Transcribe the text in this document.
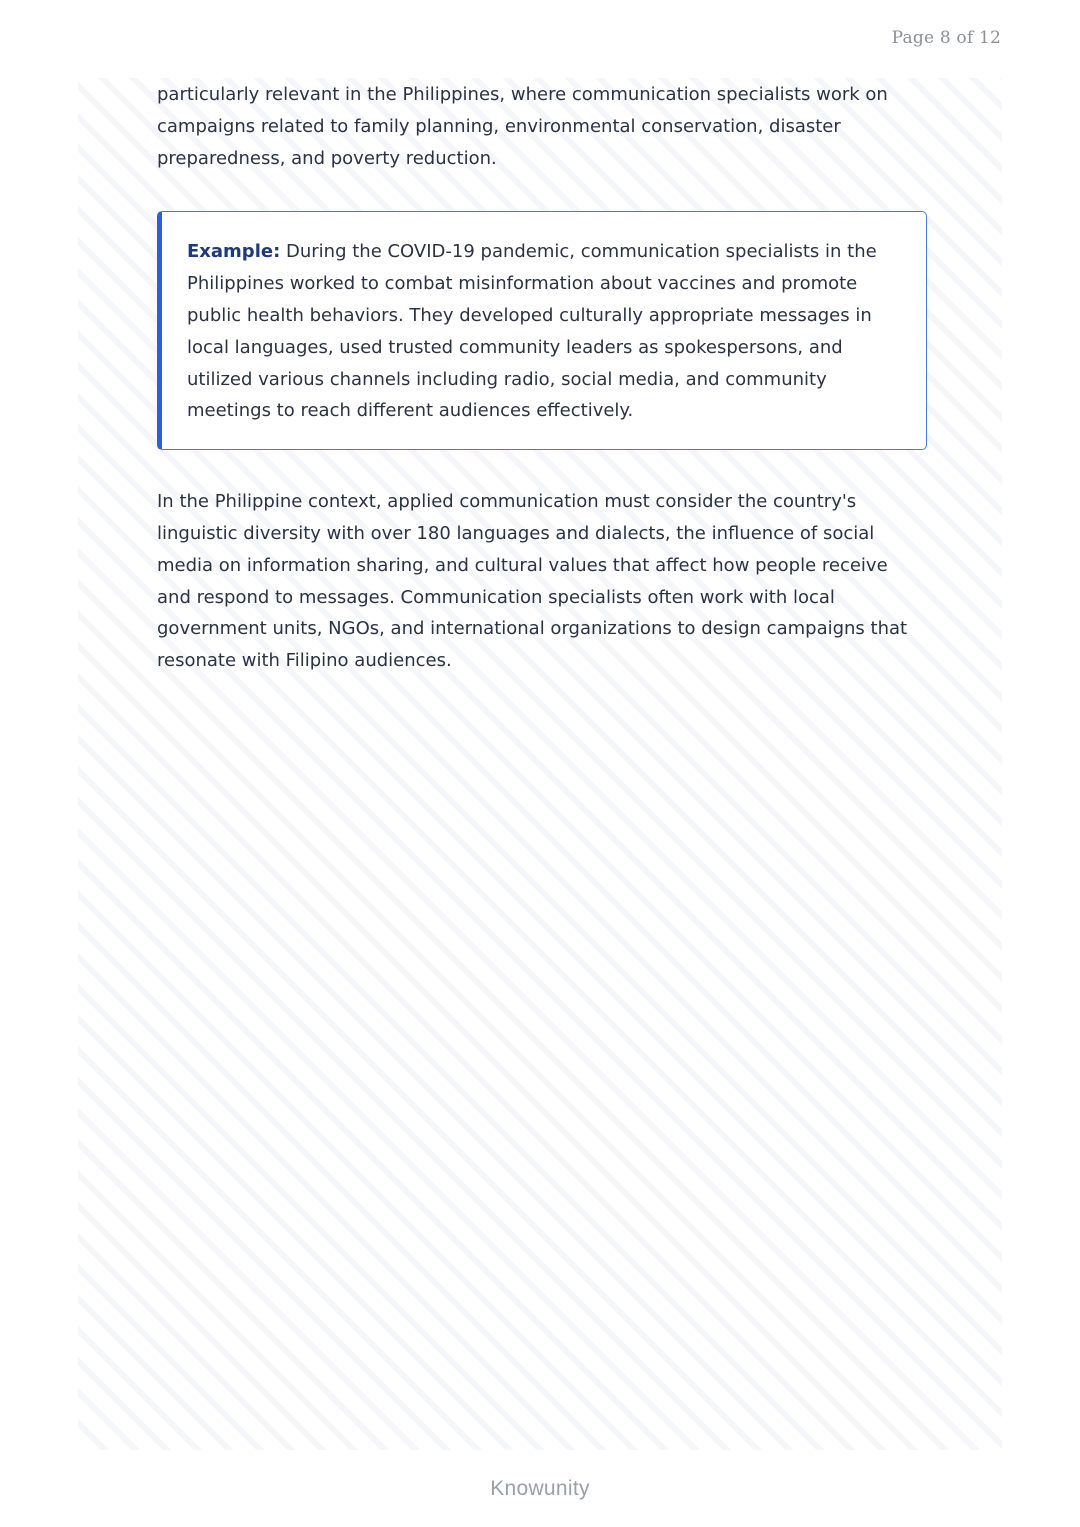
Page 8 of 12

particularly relevant in the Philippines, where communication specialists work on campaigns related to family planning, environmental conservation, disaster preparedness, and poverty reduction.

Example: During the COVID-19 pandemic, communication specialists in the Philippines worked to combat misinformation about vaccines and promote public health behaviors. They developed culturally appropriate messages in local languages, used trusted community leaders as spokespersons, and utilized various channels including radio, social media, and community meetings to reach different audiences effectively.

In the Philippine context, applied communication must consider the country's linguistic diversity with over 180 languages and dialects, the influence of social media on information sharing, and cultural values that affect how people receive and respond to messages. Communication specialists often work with local government units, NGOs, and international organizations to design campaigns that resonate with Filipino audiences.

Knowunity
